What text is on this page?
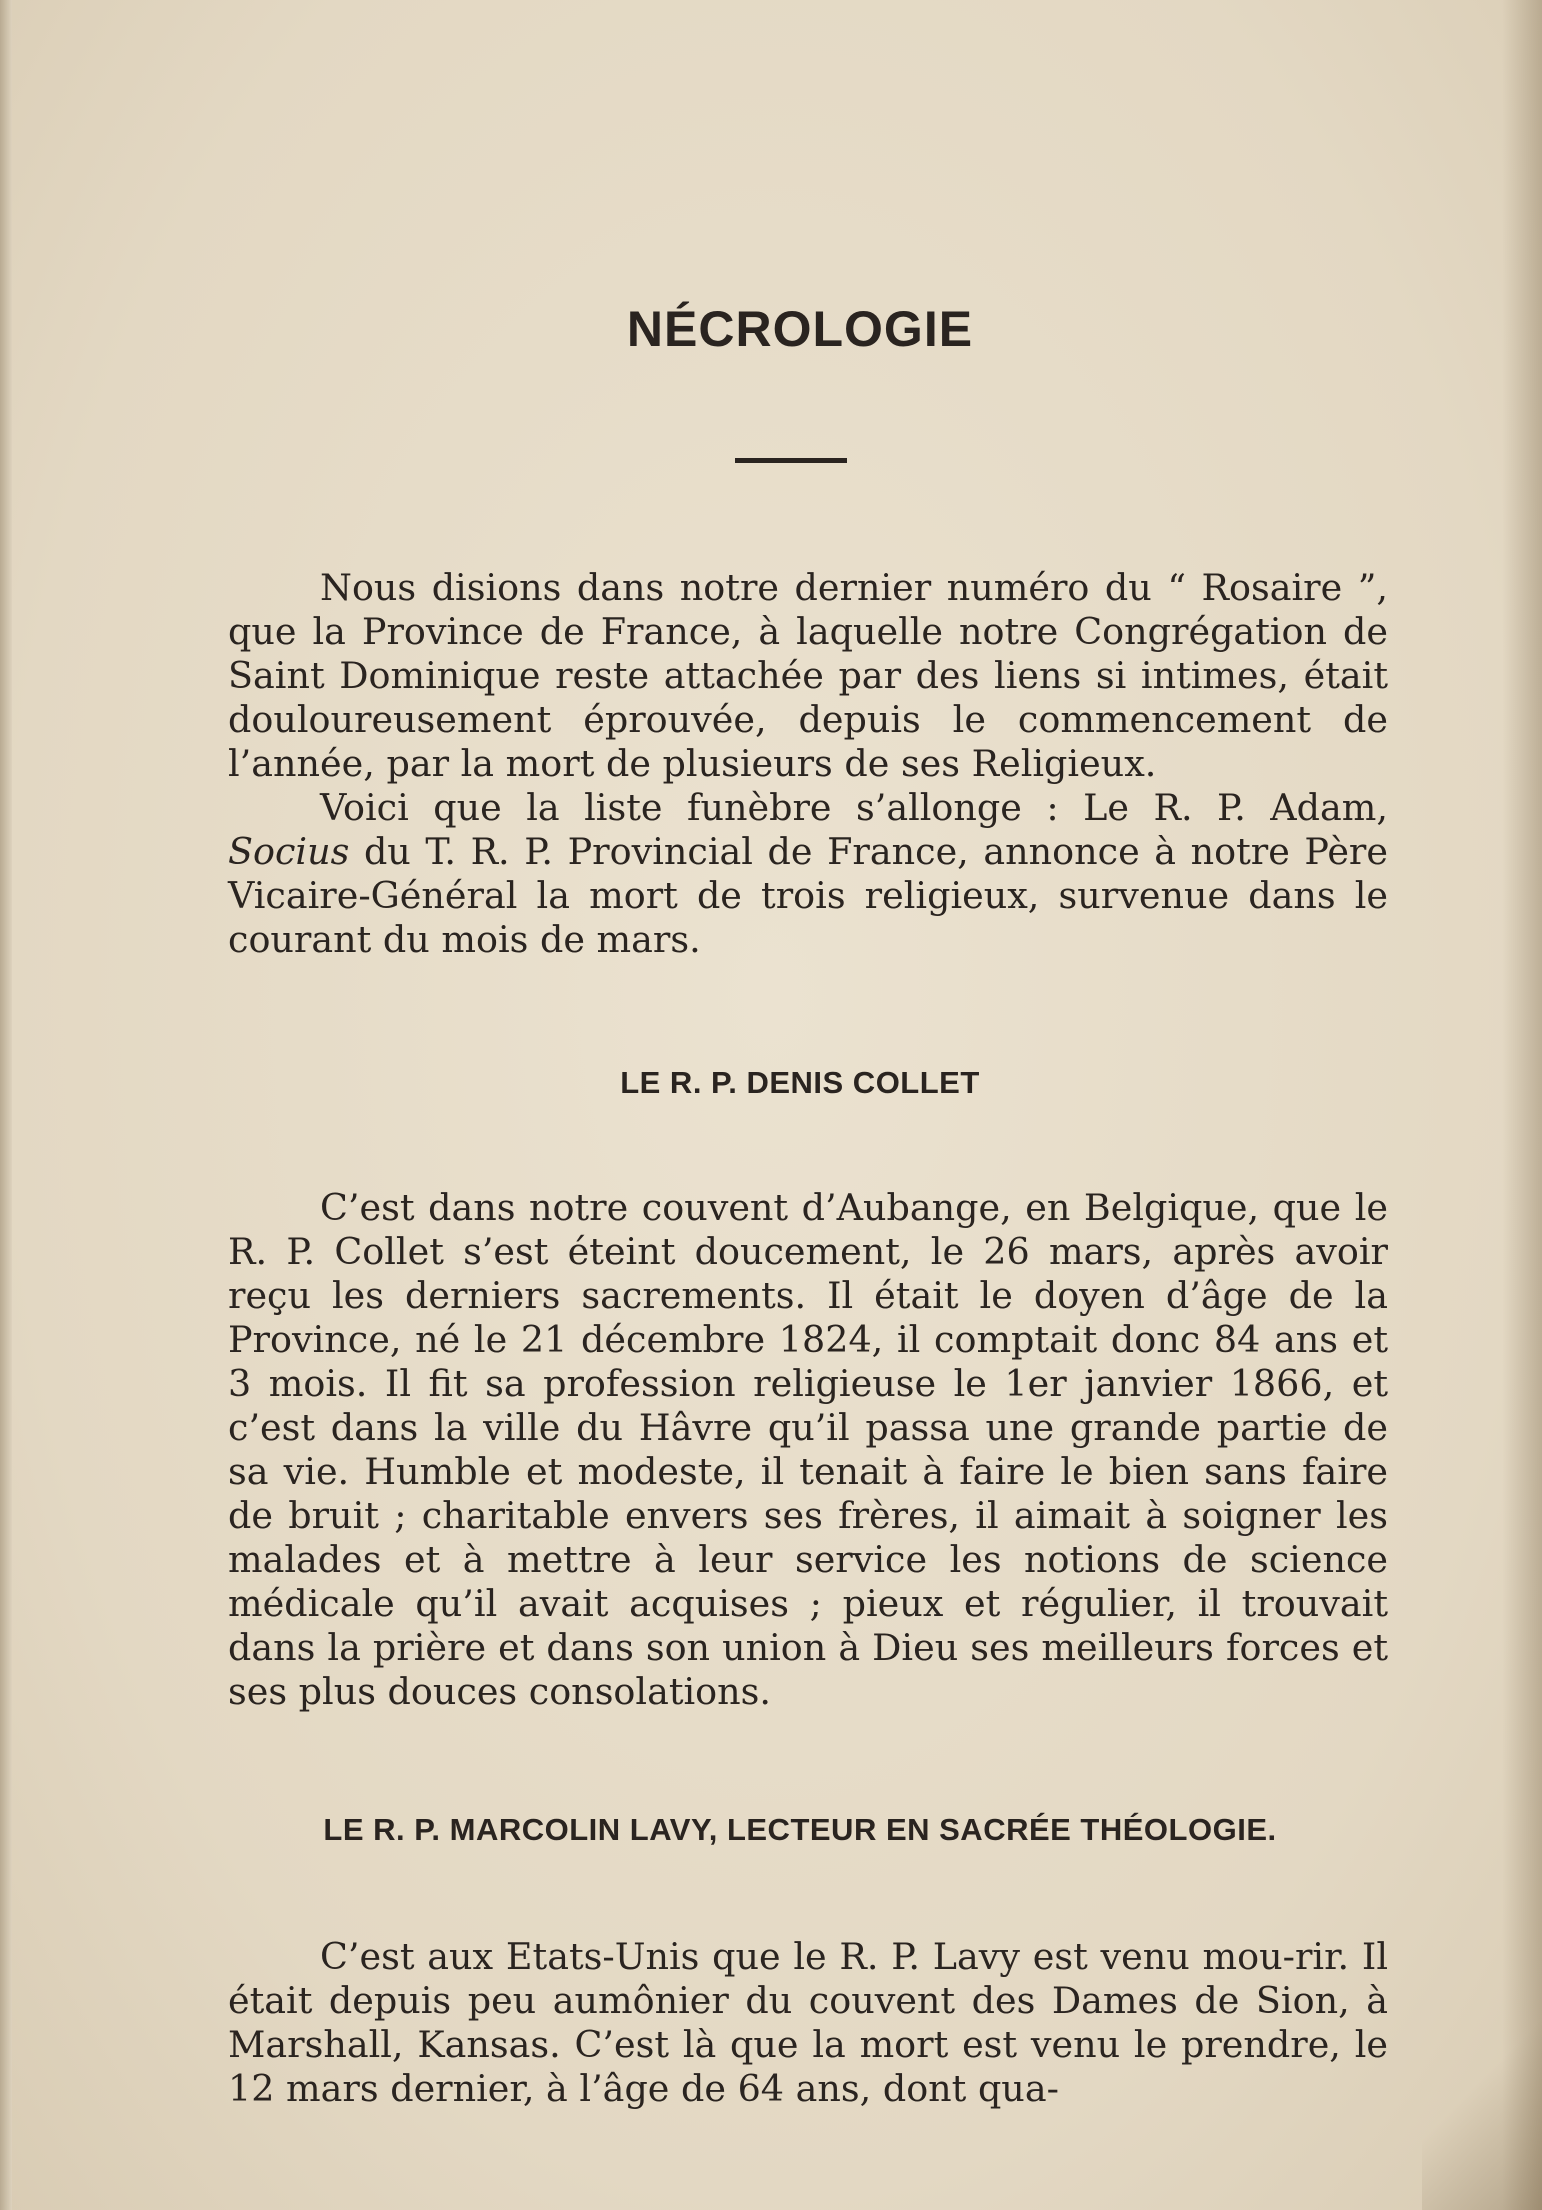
NÉCROLOGIE

Nous disions dans notre dernier numéro du “ Rosaire ”, que la Province de France, à laquelle notre Congrégation de Saint Dominique reste attachée par des liens si intimes, était douloureusement éprouvée, depuis le commencement de l’année, par la mort de plusieurs de ses Religieux.

Voici que la liste funèbre s’allonge : Le R. P. Adam, Socius du T. R. P. Provincial de France, annonce à notre Père Vicaire-Général la mort de trois religieux, survenue dans le courant du mois de mars.

LE R. P. DENIS COLLET

C’est dans notre couvent d’Aubange, en Belgique, que le R. P. Collet s’est éteint doucement, le 26 mars, après avoir reçu les derniers sacrements. Il était le doyen d’âge de la Province, né le 21 décembre 1824, il comptait donc 84 ans et 3 mois. Il fit sa profession religieuse le 1er janvier 1866, et c’est dans la ville du Hâvre qu’il passa une grande partie de sa vie. Humble et modeste, il tenait à faire le bien sans faire de bruit ; charitable envers ses frères, il aimait à soigner les malades et à mettre à leur service les notions de science médicale qu’il avait acquises ; pieux et régulier, il trouvait dans la prière et dans son union à Dieu ses meilleurs forces et ses plus douces consolations.

LE R. P. MARCOLIN LAVY, LECTEUR EN SACRÉE THÉOLOGIE.

C’est aux Etats-Unis que le R. P. Lavy est venu mou-rir. Il était depuis peu aumônier du couvent des Dames de Sion, à Marshall, Kansas. C’est là que la mort est venu le prendre, le 12 mars dernier, à l’âge de 64 ans, dont qua-
